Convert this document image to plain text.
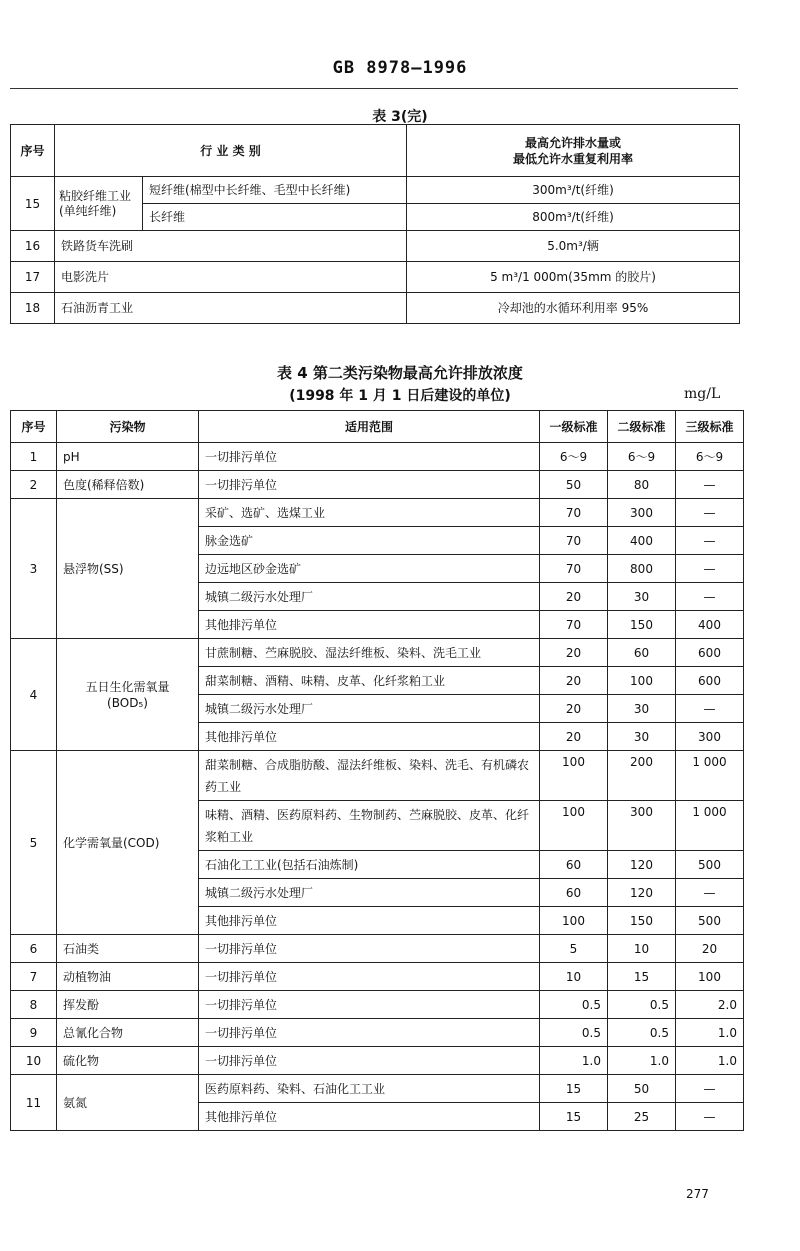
GB 8978—1996
表 3(完)
序号	行 业 类 别		最高允许排水量或
最低允许水重复利用率

15	粘胶纤维工业(单纯纤维)	短纤维(棉型中长纤维、毛型中长纤维)	300m³/t(纤维)
		长纤维	800m³/t(纤维)
16	铁路货车洗刷		5.0m³/辆
17	电影洗片		5 m³/1 000m(35mm 的胶片)
18	石油沥青工业		冷却池的水循环利用率 95%
表 4 第二类污染物最高允许排放浓度
(1998 年 1 月 1 日后建设的单位)	mg/L
序号	污染物	适用范围	一级标准	二级标准	三级标准
1	pH	一切排污单位	6～9	6～9	6～9
2	色度(稀释倍数)	一切排污单位	50	80	—
3	悬浮物(SS)	采矿、选矿、选煤工业	70	300	—
		脉金选矿	70	400	—
		边远地区砂金选矿	70	800	—
		城镇二级污水处理厂	20	30	—
		其他排污单位	70	150	400
4	五日生化需氧量
(BOD₅)	甘蔗制糖、苎麻脱胶、湿法纤维板、染料、洗毛工业	20	60	600
		甜菜制糖、酒精、味精、皮革、化纤浆粕工业	20	100	600
		城镇二级污水处理厂	20	30	—
		其他排污单位	20	30	300
5	化学需氧量(COD)	甜菜制糖、合成脂肪酸、湿法纤维板、染料、洗毛、有机磷农药工业	100	200	1 000
		味精、酒精、医药原料药、生物制药、苎麻脱胶、皮革、化纤浆粕工业	100	300	1 000
		石油化工工业(包括石油炼制)	60	120	500
		城镇二级污水处理厂	60	120	—
		其他排污单位	100	150	500
6	石油类	一切排污单位	5	10	20
7	动植物油	一切排污单位	10	15	100
8	挥发酚	一切排污单位	0.5	0.5	2.0
9	总氰化合物	一切排污单位	0.5	0.5	1.0
10	硫化物	一切排污单位	1.0	1.0	1.0
11	氨氮	医药原料药、染料、石油化工工业	15	50	—
		其他排污单位	15	25	—
277
